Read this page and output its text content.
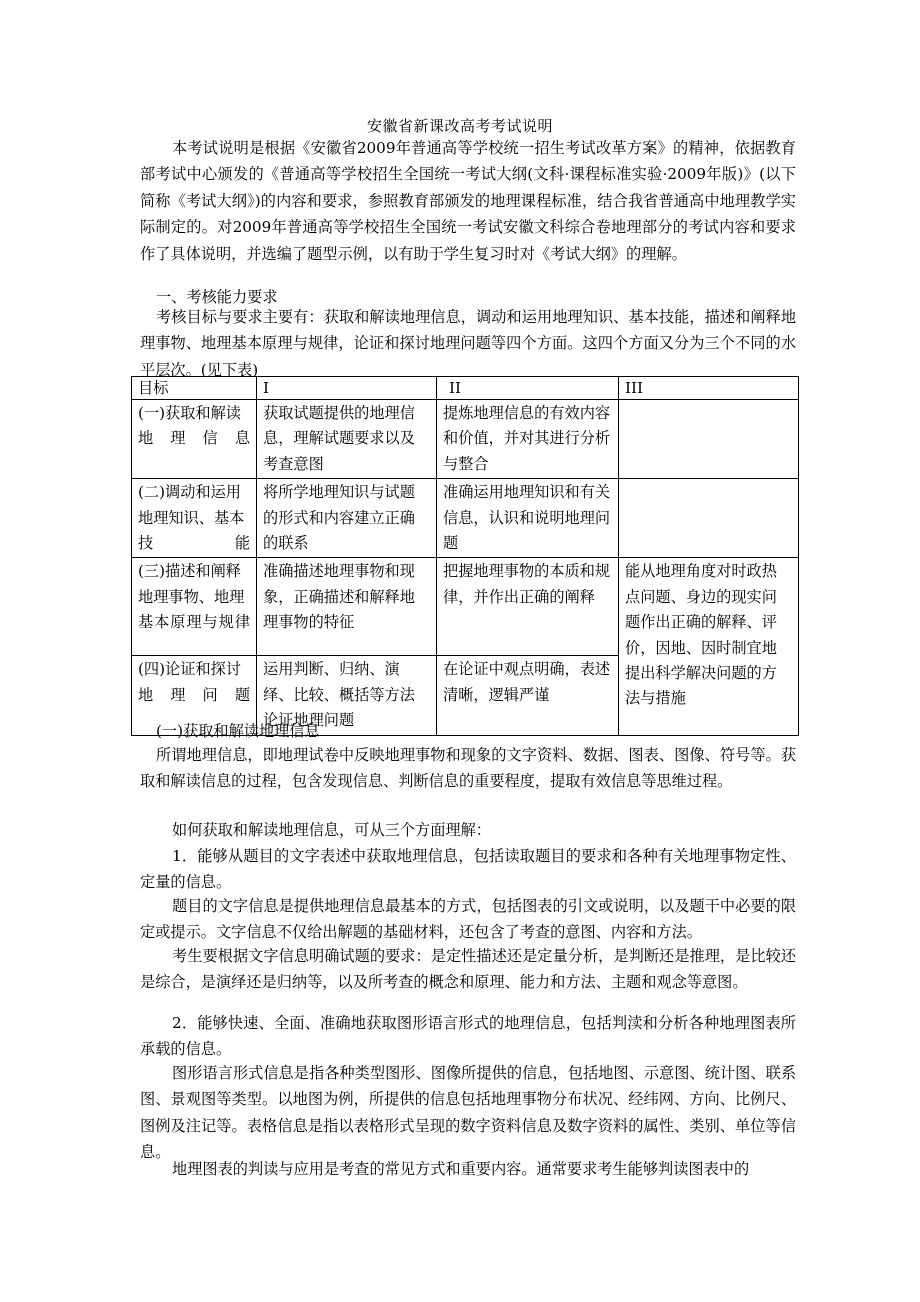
安徽省新课改高考考试说明

本考试说明是根据《安徽省2009年普通高等学校统一招生考试改革方案》的精神，依据教育部考试中心颁发的《普通高等学校招生全国统一考试大纲(文科·课程标准实验·2009年版)》(以下简称《考试大纲》)的内容和要求，参照教育部颁发的地理课程标准，结合我省普通高中地理教学实际制定的。对2009年普通高等学校招生全国统一考试安徽文科综合卷地理部分的考试内容和要求作了具体说明，并选编了题型示例，以有助于学生复习时对《考试大纲》的理解。

一、考核能力要求

考核目标与要求主要有：获取和解读地理信息，调动和运用地理知识、基本技能，描述和阐释地理事物、地理基本原理与规律，论证和探讨地理问题等四个方面。这四个方面又分为三个不同的水平层次。(见下表)

目标	I	II	III
(一)获取和解读地理信息	获取试题提供的地理信息，理解试题要求以及考查意图	提炼地理信息的有效内容和价值，并对其进行分析与整合	
(二)调动和运用地理知识、基本技能	将所学地理知识与试题的形式和内容建立正确的联系	准确运用地理知识和有关信息，认识和说明地理问题	
(三)描述和阐释地理事物、地理基本原理与规律	准确描述地理事物和现象，正确描述和解释地理事物的特征	把握地理事物的本质和规律，并作出正确的阐释	能从地理角度对时政热点问题、身边的现实问题作出正确的解释、评价，因地、因时制宜地提出科学解决问题的方法与措施
(四)论证和探讨地理问题	运用判断、归纳、演绎、比较、概括等方法论证地理问题	在论证中观点明确，表述清晰，逻辑严谨	
(一)获取和解读地理信息

所谓地理信息，即地理试卷中反映地理事物和现象的文字资料、数据、图表、图像、符号等。获取和解读信息的过程，包含发现信息、判断信息的重要程度，提取有效信息等思维过程。

如何获取和解读地理信息，可从三个方面理解：

1．能够从题目的文字表述中获取地理信息，包括读取题目的要求和各种有关地理事物定性、定量的信息。

题目的文字信息是提供地理信息最基本的方式，包括图表的引文或说明，以及题干中必要的限定或提示。文字信息不仅给出解题的基础材料，还包含了考查的意图、内容和方法。

考生要根据文字信息明确试题的要求：是定性描述还是定量分析，是判断还是推理，是比较还是综合，是演绎还是归纳等，以及所考查的概念和原理、能力和方法、主题和观念等意图。

2．能够快速、全面、准确地获取图形语言形式的地理信息，包括判渎和分析各种地理图表所承载的信息。

图形语言形式信息是指各种类型图形、图像所提供的信息，包括地图、示意图、统计图、联系图、景观图等类型。以地图为例，所提供的信息包括地理事物分布状况、经纬网、方向、比例尺、图例及注记等。表格信息是指以表格形式呈现的数字资料信息及数字资料的属性、类别、单位等信息。

地理图表的判读与应用是考查的常见方式和重要内容。通常要求考生能够判读图表中的
